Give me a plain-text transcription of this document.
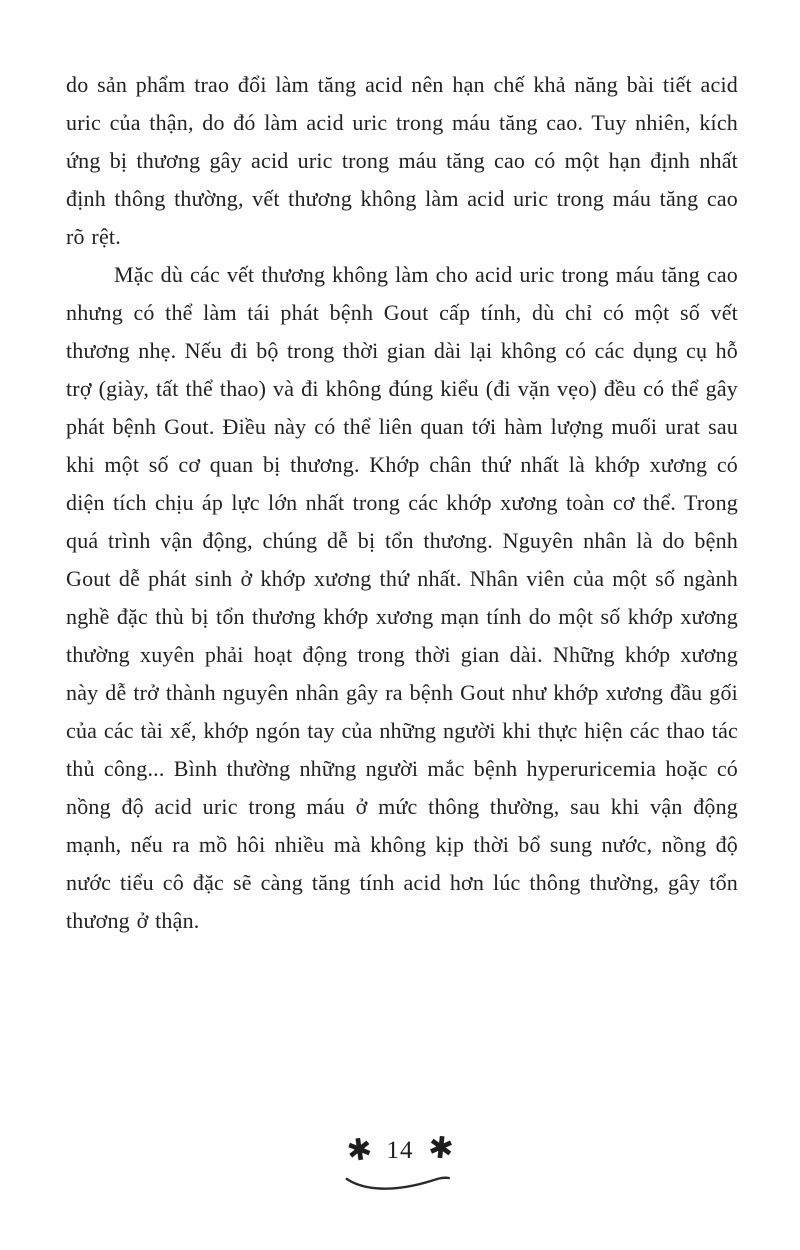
do sản phẩm trao đổi làm tăng acid nên hạn chế khả năng bài tiết acid uric của thận, do đó làm acid uric trong máu tăng cao. Tuy nhiên, kích ứng bị thương gây acid uric trong máu tăng cao có một hạn định nhất định thông thường, vết thương không làm acid uric trong máu tăng cao rõ rệt.

Mặc dù các vết thương không làm cho acid uric trong máu tăng cao nhưng có thể làm tái phát bệnh Gout cấp tính, dù chỉ có một số vết thương nhẹ. Nếu đi bộ trong thời gian dài lại không có các dụng cụ hỗ trợ (giày, tất thể thao) và đi không đúng kiểu (đi vặn vẹo) đều có thể gây phát bệnh Gout. Điều này có thể liên quan tới hàm lượng muối urat sau khi một số cơ quan bị thương. Khớp chân thứ nhất là khớp xương có diện tích chịu áp lực lớn nhất trong các khớp xương toàn cơ thể. Trong quá trình vận động, chúng dễ bị tổn thương. Nguyên nhân là do bệnh Gout dễ phát sinh ở khớp xương thứ nhất. Nhân viên của một số ngành nghề đặc thù bị tổn thương khớp xương mạn tính do một số khớp xương thường xuyên phải hoạt động trong thời gian dài. Những khớp xương này dễ trở thành nguyên nhân gây ra bệnh Gout như khớp xương đầu gối của các tài xế, khớp ngón tay của những người khi thực hiện các thao tác thủ công... Bình thường những người mắc bệnh hyperuricemia hoặc có nồng độ acid uric trong máu ở mức thông thường, sau khi vận động mạnh, nếu ra mồ hôi nhiều mà không kịp thời bổ sung nước, nồng độ nước tiểu cô đặc sẽ càng tăng tính acid hơn lúc thông thường, gây tổn thương ở thận.

✱ 14 ✱
